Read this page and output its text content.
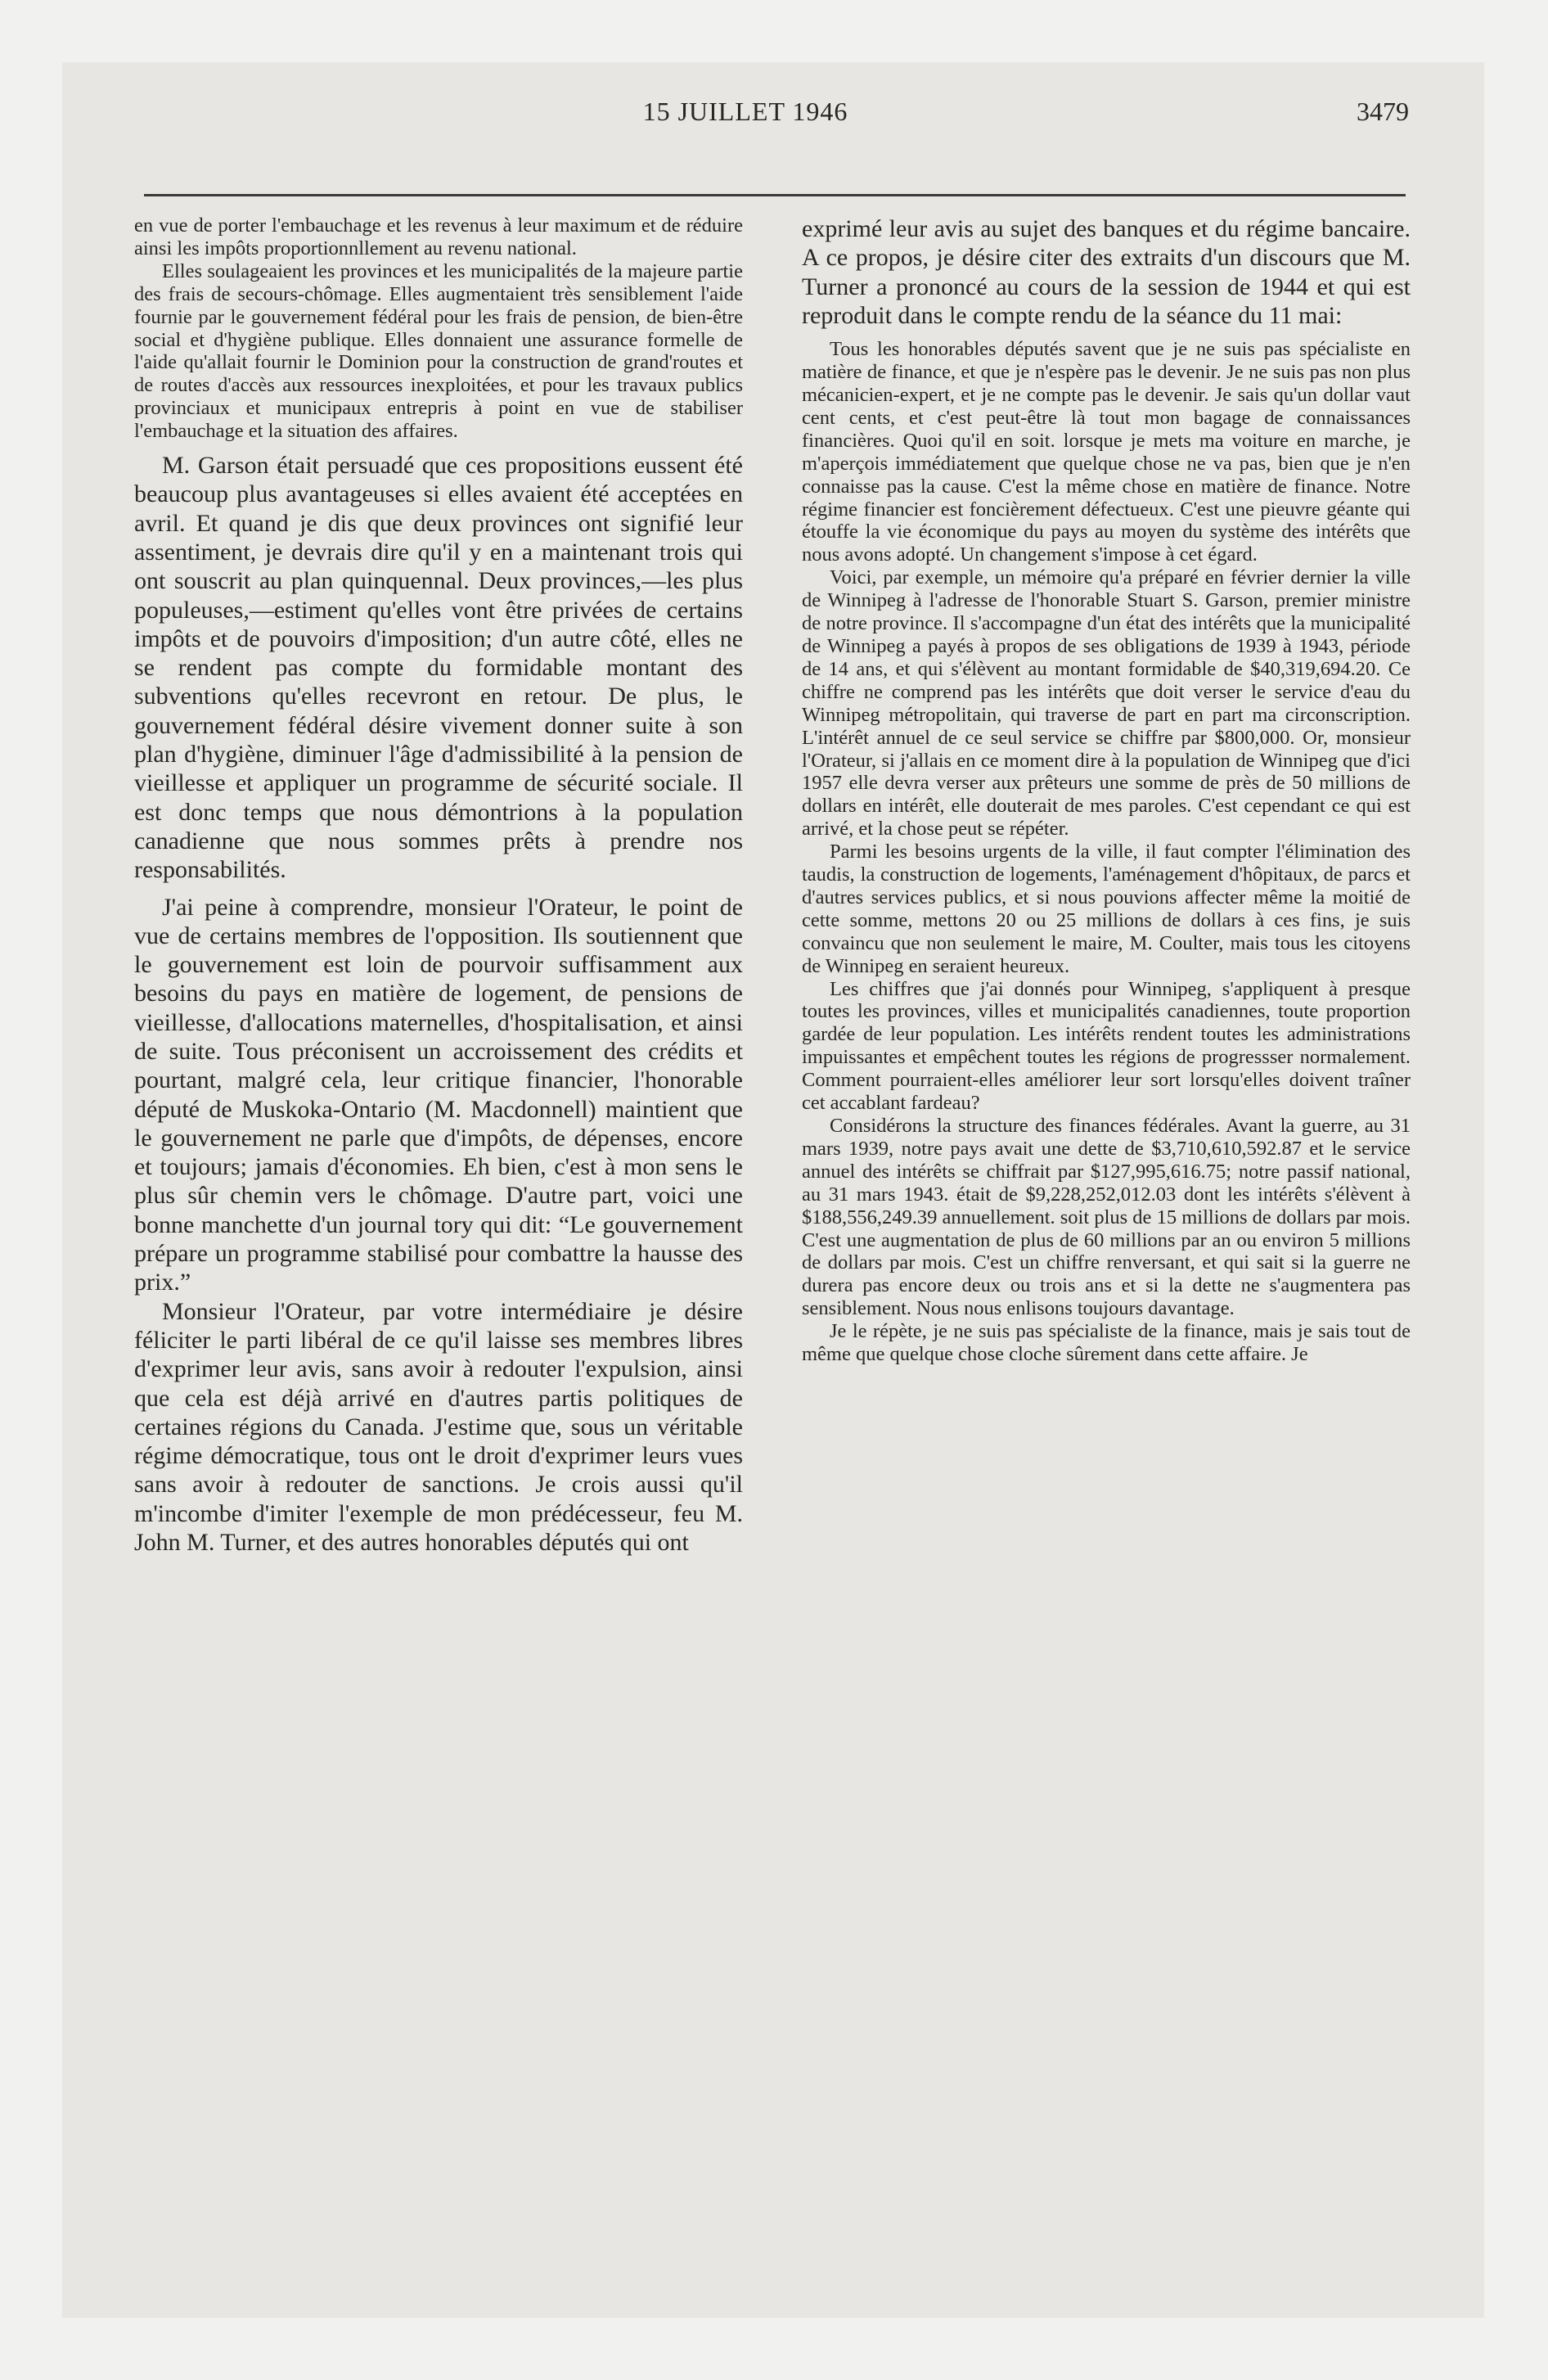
15 JUILLET 1946	3479

en vue de porter l'embauchage et les revenus à leur maximum et de réduire ainsi les impôts proportionnllement au revenu national.

Elles soulageaient les provinces et les municipalités de la majeure partie des frais de secours-chômage. Elles augmentaient très sensiblement l'aide fournie par le gouvernement fédéral pour les frais de pension, de bien-être social et d'hygiène publique. Elles donnaient une assurance formelle de l'aide qu'allait fournir le Dominion pour la construction de grand'routes et de routes d'accès aux ressources inexploitées, et pour les travaux publics provinciaux et municipaux entrepris à point en vue de stabiliser l'embauchage et la situation des affaires.

M. Garson était persuadé que ces propositions eussent été beaucoup plus avantageuses si elles avaient été acceptées en avril. Et quand je dis que deux provinces ont signifié leur assentiment, je devrais dire qu'il y en a maintenant trois qui ont souscrit au plan quinquennal. Deux provinces,—les plus populeuses,—estiment qu'elles vont être privées de certains impôts et de pouvoirs d'imposition; d'un autre côté, elles ne se rendent pas compte du formidable montant des subventions qu'elles recevront en retour. De plus, le gouvernement fédéral désire vivement donner suite à son plan d'hygiène, diminuer l'âge d'admissibilité à la pension de vieillesse et appliquer un programme de sécurité sociale. Il est donc temps que nous démontrions à la population canadienne que nous sommes prêts à prendre nos responsabilités.

J'ai peine à comprendre, monsieur l'Orateur, le point de vue de certains membres de l'opposition. Ils soutiennent que le gouvernement est loin de pourvoir suffisamment aux besoins du pays en matière de logement, de pensions de vieillesse, d'allocations maternelles, d'hospitalisation, et ainsi de suite. Tous préconisent un accroissement des crédits et pourtant, malgré cela, leur critique financier, l'honorable député de Muskoka-Ontario (M. Macdonnell) maintient que le gouvernement ne parle que d'impôts, de dépenses, encore et toujours; jamais d'économies. Eh bien, c'est à mon sens le plus sûr chemin vers le chômage. D'autre part, voici une bonne manchette d'un journal tory qui dit: “Le gouvernement prépare un programme stabilisé pour combattre la hausse des prix.”

Monsieur l'Orateur, par votre intermédiaire je désire féliciter le parti libéral de ce qu'il laisse ses membres libres d'exprimer leur avis, sans avoir à redouter l'expulsion, ainsi que cela est déjà arrivé en d'autres partis politiques de certaines régions du Canada. J'estime que, sous un véritable régime démocratique, tous ont le droit d'exprimer leurs vues sans avoir à redouter de sanctions. Je crois aussi qu'il m'incombe d'imiter l'exemple de mon prédécesseur, feu M. John M. Turner, et des autres honorables députés qui ont

exprimé leur avis au sujet des banques et du régime bancaire. A ce propos, je désire citer des extraits d'un discours que M. Turner a prononcé au cours de la session de 1944 et qui est reproduit dans le compte rendu de la séance du 11 mai:

Tous les honorables députés savent que je ne suis pas spécialiste en matière de finance, et que je n'espère pas le devenir. Je ne suis pas non plus mécanicien-expert, et je ne compte pas le devenir. Je sais qu'un dollar vaut cent cents, et c'est peut-être là tout mon bagage de connaissances financières. Quoi qu'il en soit. lorsque je mets ma voiture en marche, je m'aperçois immédiatement que quelque chose ne va pas, bien que je n'en connaisse pas la cause. C'est la même chose en matière de finance. Notre régime financier est foncièrement défectueux. C'est une pieuvre géante qui étouffe la vie économique du pays au moyen du système des intérêts que nous avons adopté. Un changement s'impose à cet égard.

Voici, par exemple, un mémoire qu'a préparé en février dernier la ville de Winnipeg à l'adresse de l'honorable Stuart S. Garson, premier ministre de notre province. Il s'accompagne d'un état des intérêts que la municipalité de Winnipeg a payés à propos de ses obligations de 1939 à 1943, période de 14 ans, et qui s'élèvent au montant formidable de $40,319,694.20. Ce chiffre ne comprend pas les intérêts que doit verser le service d'eau du Winnipeg métropolitain, qui traverse de part en part ma circonscription. L'intérêt annuel de ce seul service se chiffre par $800,000. Or, monsieur l'Orateur, si j'allais en ce moment dire à la population de Winnipeg que d'ici 1957 elle devra verser aux prêteurs une somme de près de 50 millions de dollars en intérêt, elle douterait de mes paroles. C'est cependant ce qui est arrivé, et la chose peut se répéter.

Parmi les besoins urgents de la ville, il faut compter l'élimination des taudis, la construction de logements, l'aménagement d'hôpitaux, de parcs et d'autres services publics, et si nous pouvions affecter même la moitié de cette somme, mettons 20 ou 25 millions de dollars à ces fins, je suis convaincu que non seulement le maire, M. Coulter, mais tous les citoyens de Winnipeg en seraient heureux.

Les chiffres que j'ai donnés pour Winnipeg, s'appliquent à presque toutes les provinces, villes et municipalités canadiennes, toute proportion gardée de leur population. Les intérêts rendent toutes les administrations impuissantes et empêchent toutes les régions de progressser normalement. Comment pourraient-elles améliorer leur sort lorsqu'elles doivent traîner cet accablant fardeau?

Considérons la structure des finances fédérales. Avant la guerre, au 31 mars 1939, notre pays avait une dette de $3,710,610,592.87 et le service annuel des intérêts se chiffrait par $127,995,616.75; notre passif national, au 31 mars 1943. était de $9,228,252,012.03 dont les intérêts s'élèvent à $188,556,249.39 annuellement. soit plus de 15 millions de dollars par mois. C'est une augmentation de plus de 60 millions par an ou environ 5 millions de dollars par mois. C'est un chiffre renversant, et qui sait si la guerre ne durera pas encore deux ou trois ans et si la dette ne s'augmentera pas sensiblement. Nous nous enlisons toujours davantage.

Je le répète, je ne suis pas spécialiste de la finance, mais je sais tout de même que quelque chose cloche sûrement dans cette affaire. Je
